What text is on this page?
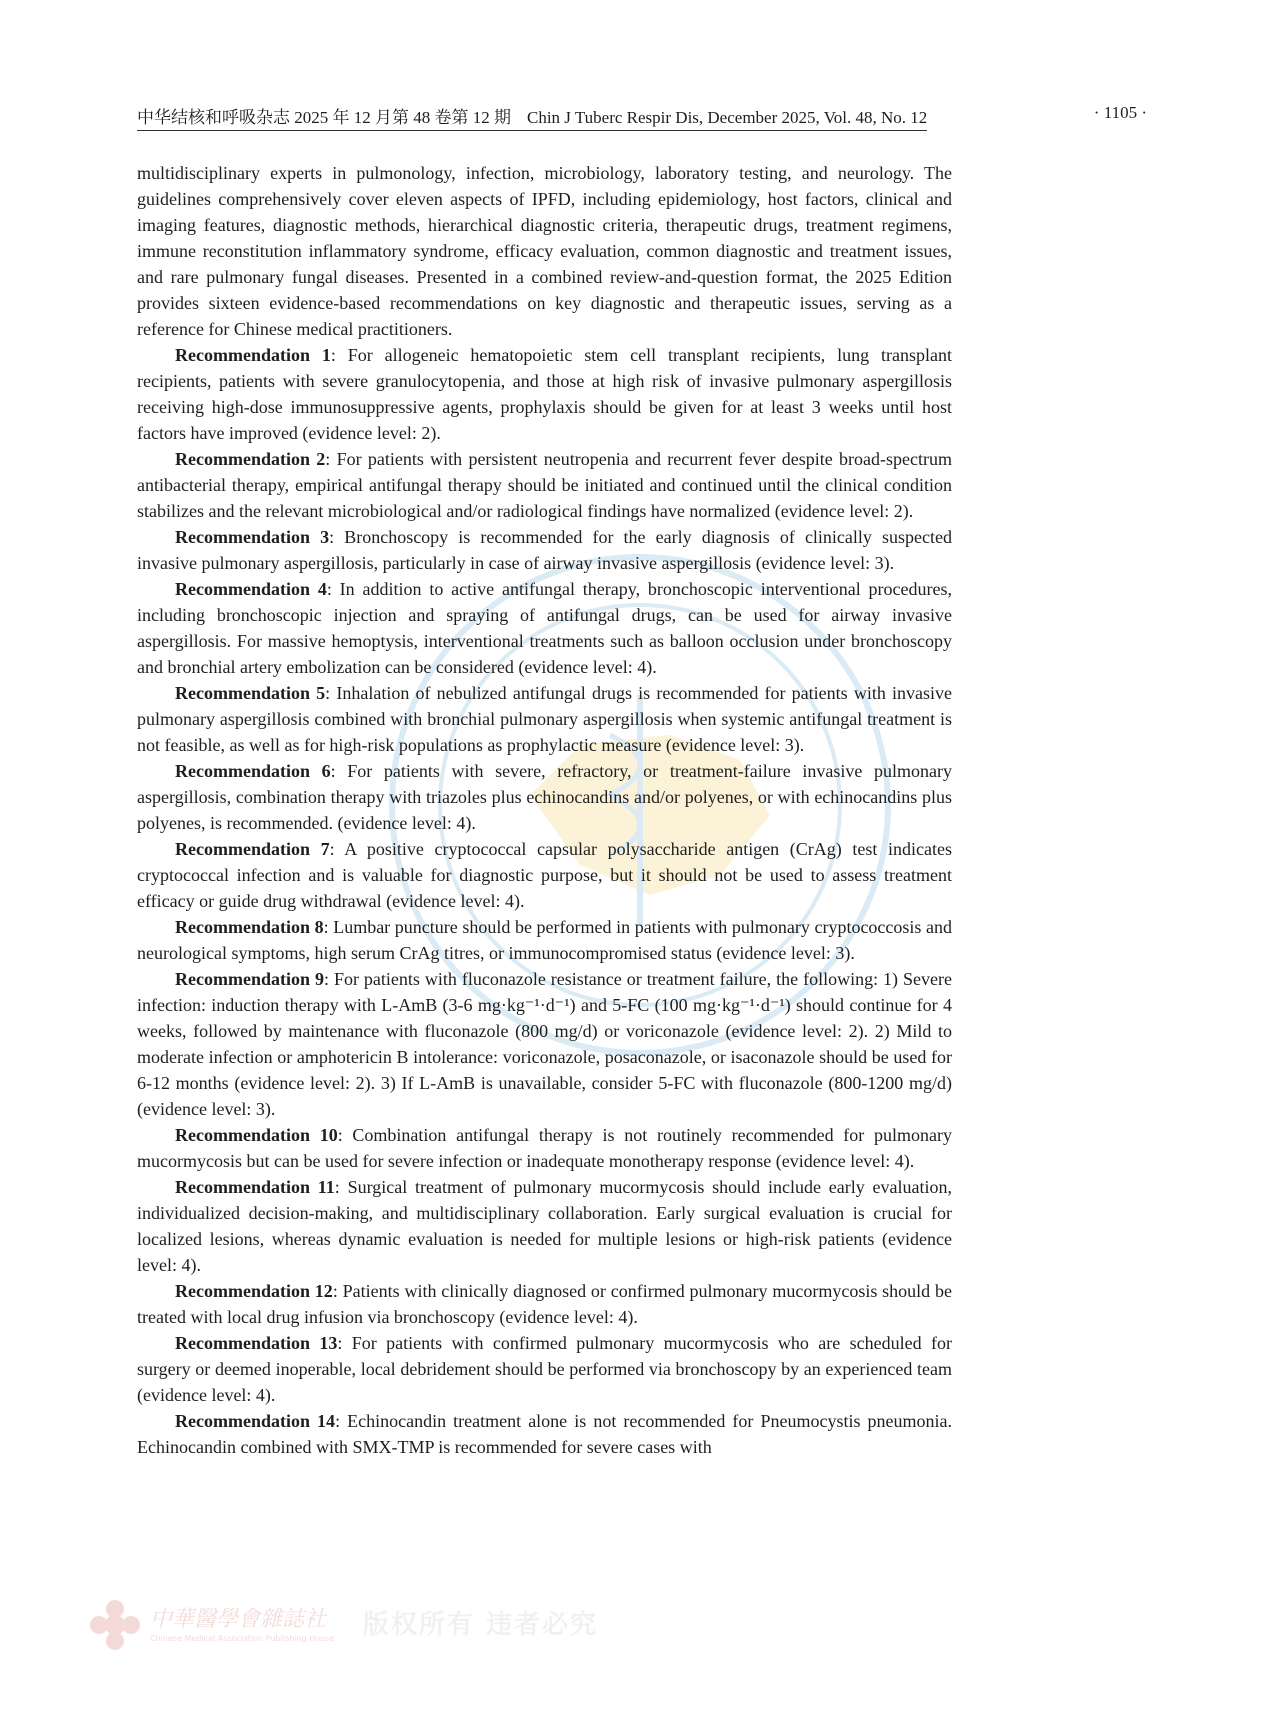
中华结核和呼吸杂志 2025 年 12 月第 48 卷第 12 期 Chin J Tuberc Respir Dis, December 2025, Vol. 48, No. 12	· 1105 ·

multidisciplinary experts in pulmonology, infection, microbiology, laboratory testing, and neurology. The guidelines comprehensively cover eleven aspects of IPFD, including epidemiology, host factors, clinical and imaging features, diagnostic methods, hierarchical diagnostic criteria, therapeutic drugs, treatment regimens, immune reconstitution inflammatory syndrome, efficacy evaluation, common diagnostic and treatment issues, and rare pulmonary fungal diseases. Presented in a combined review-and-question format, the 2025 Edition provides sixteen evidence-based recommendations on key diagnostic and therapeutic issues, serving as a reference for Chinese medical practitioners.

Recommendation 1: For allogeneic hematopoietic stem cell transplant recipients, lung transplant recipients, patients with severe granulocytopenia, and those at high risk of invasive pulmonary aspergillosis receiving high-dose immunosuppressive agents, prophylaxis should be given for at least 3 weeks until host factors have improved (evidence level: 2).

Recommendation 2: For patients with persistent neutropenia and recurrent fever despite broad-spectrum antibacterial therapy, empirical antifungal therapy should be initiated and continued until the clinical condition stabilizes and the relevant microbiological and/or radiological findings have normalized (evidence level: 2).

Recommendation 3: Bronchoscopy is recommended for the early diagnosis of clinically suspected invasive pulmonary aspergillosis, particularly in case of airway invasive aspergillosis (evidence level: 3).

Recommendation 4: In addition to active antifungal therapy, bronchoscopic interventional procedures, including bronchoscopic injection and spraying of antifungal drugs, can be used for airway invasive aspergillosis. For massive hemoptysis, interventional treatments such as balloon occlusion under bronchoscopy and bronchial artery embolization can be considered (evidence level: 4).

Recommendation 5: Inhalation of nebulized antifungal drugs is recommended for patients with invasive pulmonary aspergillosis combined with bronchial pulmonary aspergillosis when systemic antifungal treatment is not feasible, as well as for high-risk populations as prophylactic measure (evidence level: 3).

Recommendation 6: For patients with severe, refractory, or treatment-failure invasive pulmonary aspergillosis, combination therapy with triazoles plus echinocandins and/or polyenes, or with echinocandins plus polyenes, is recommended. (evidence level: 4).

Recommendation 7: A positive cryptococcal capsular polysaccharide antigen (CrAg) test indicates cryptococcal infection and is valuable for diagnostic purpose, but it should not be used to assess treatment efficacy or guide drug withdrawal (evidence level: 4).

Recommendation 8: Lumbar puncture should be performed in patients with pulmonary cryptococcosis and neurological symptoms, high serum CrAg titres, or immunocompromised status (evidence level: 3).

Recommendation 9: For patients with fluconazole resistance or treatment failure, the following: 1) Severe infection: induction therapy with L-AmB (3-6 mg·kg⁻¹·d⁻¹) and 5-FC (100 mg·kg⁻¹·d⁻¹) should continue for 4 weeks, followed by maintenance with fluconazole (800 mg/d) or voriconazole (evidence level: 2). 2) Mild to moderate infection or amphotericin B intolerance: voriconazole, posaconazole, or isaconazole should be used for 6-12 months (evidence level: 2). 3) If L-AmB is unavailable, consider 5-FC with fluconazole (800-1200 mg/d) (evidence level: 3).

Recommendation 10: Combination antifungal therapy is not routinely recommended for pulmonary mucormycosis but can be used for severe infection or inadequate monotherapy response (evidence level: 4).

Recommendation 11: Surgical treatment of pulmonary mucormycosis should include early evaluation, individualized decision-making, and multidisciplinary collaboration. Early surgical evaluation is crucial for localized lesions, whereas dynamic evaluation is needed for multiple lesions or high-risk patients (evidence level: 4).

Recommendation 12: Patients with clinically diagnosed or confirmed pulmonary mucormycosis should be treated with local drug infusion via bronchoscopy (evidence level: 4).

Recommendation 13: For patients with confirmed pulmonary mucormycosis who are scheduled for surgery or deemed inoperable, local debridement should be performed via bronchoscopy by an experienced team (evidence level: 4).

Recommendation 14: Echinocandin treatment alone is not recommended for Pneumocystis pneumonia. Echinocandin combined with SMX-TMP is recommended for severe cases with

中華醫學會雜誌社
Chinese Medical Association Publishing House 版权所有 违者必究
